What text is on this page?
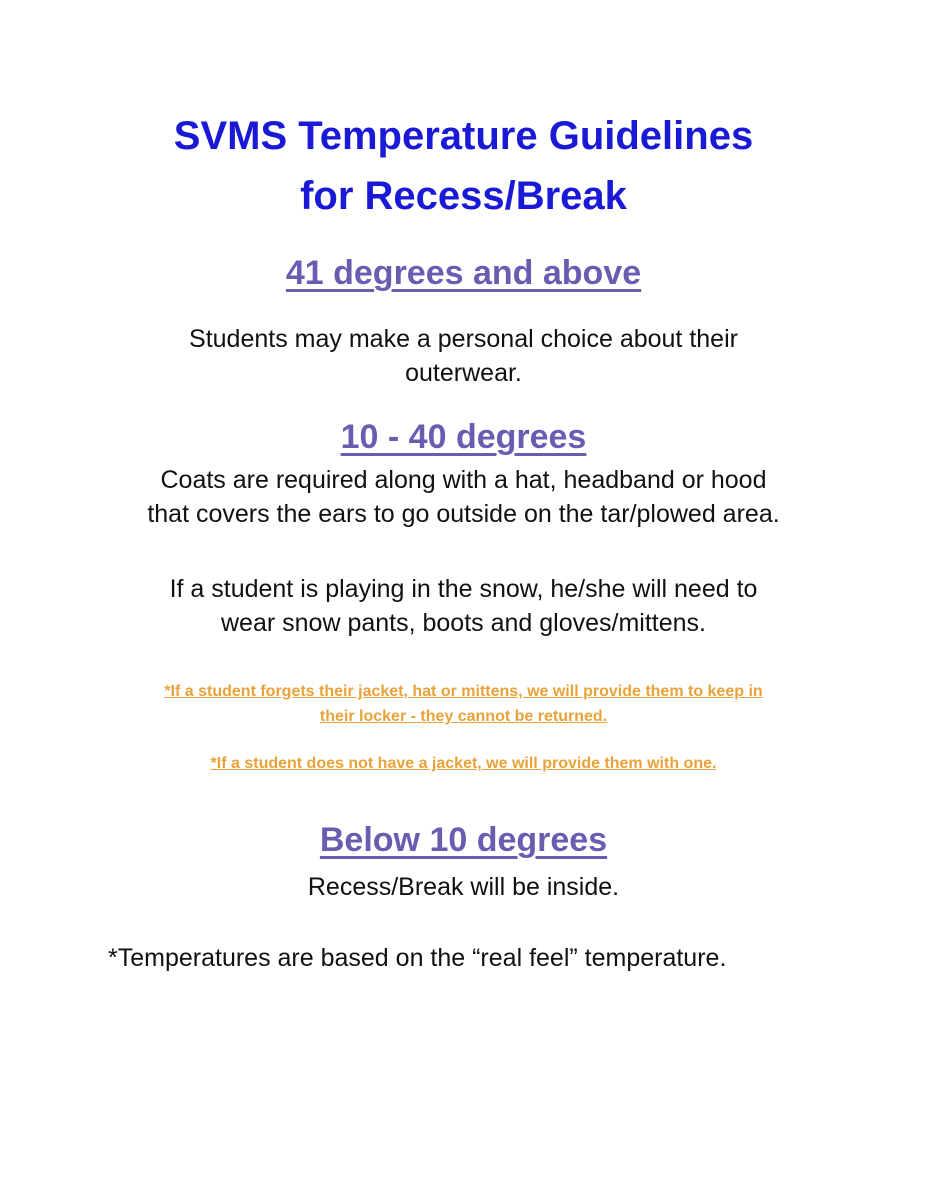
SVMS Temperature Guidelines
for Recess/Break
41 degrees and above
Students may make a personal choice about their
outerwear.
10 - 40 degrees
Coats are required along with a hat, headband or hood
that covers the ears to go outside on the tar/plowed area.
If a student is playing in the snow, he/she will need to
wear snow pants, boots and gloves/mittens.
*If a student forgets their jacket, hat or mittens, we will provide them to keep in
their locker - they cannot be returned.
*If a student does not have a jacket, we will provide them with one.
Below 10 degrees
Recess/Break will be inside.
*Temperatures are based on the “real feel” temperature.
